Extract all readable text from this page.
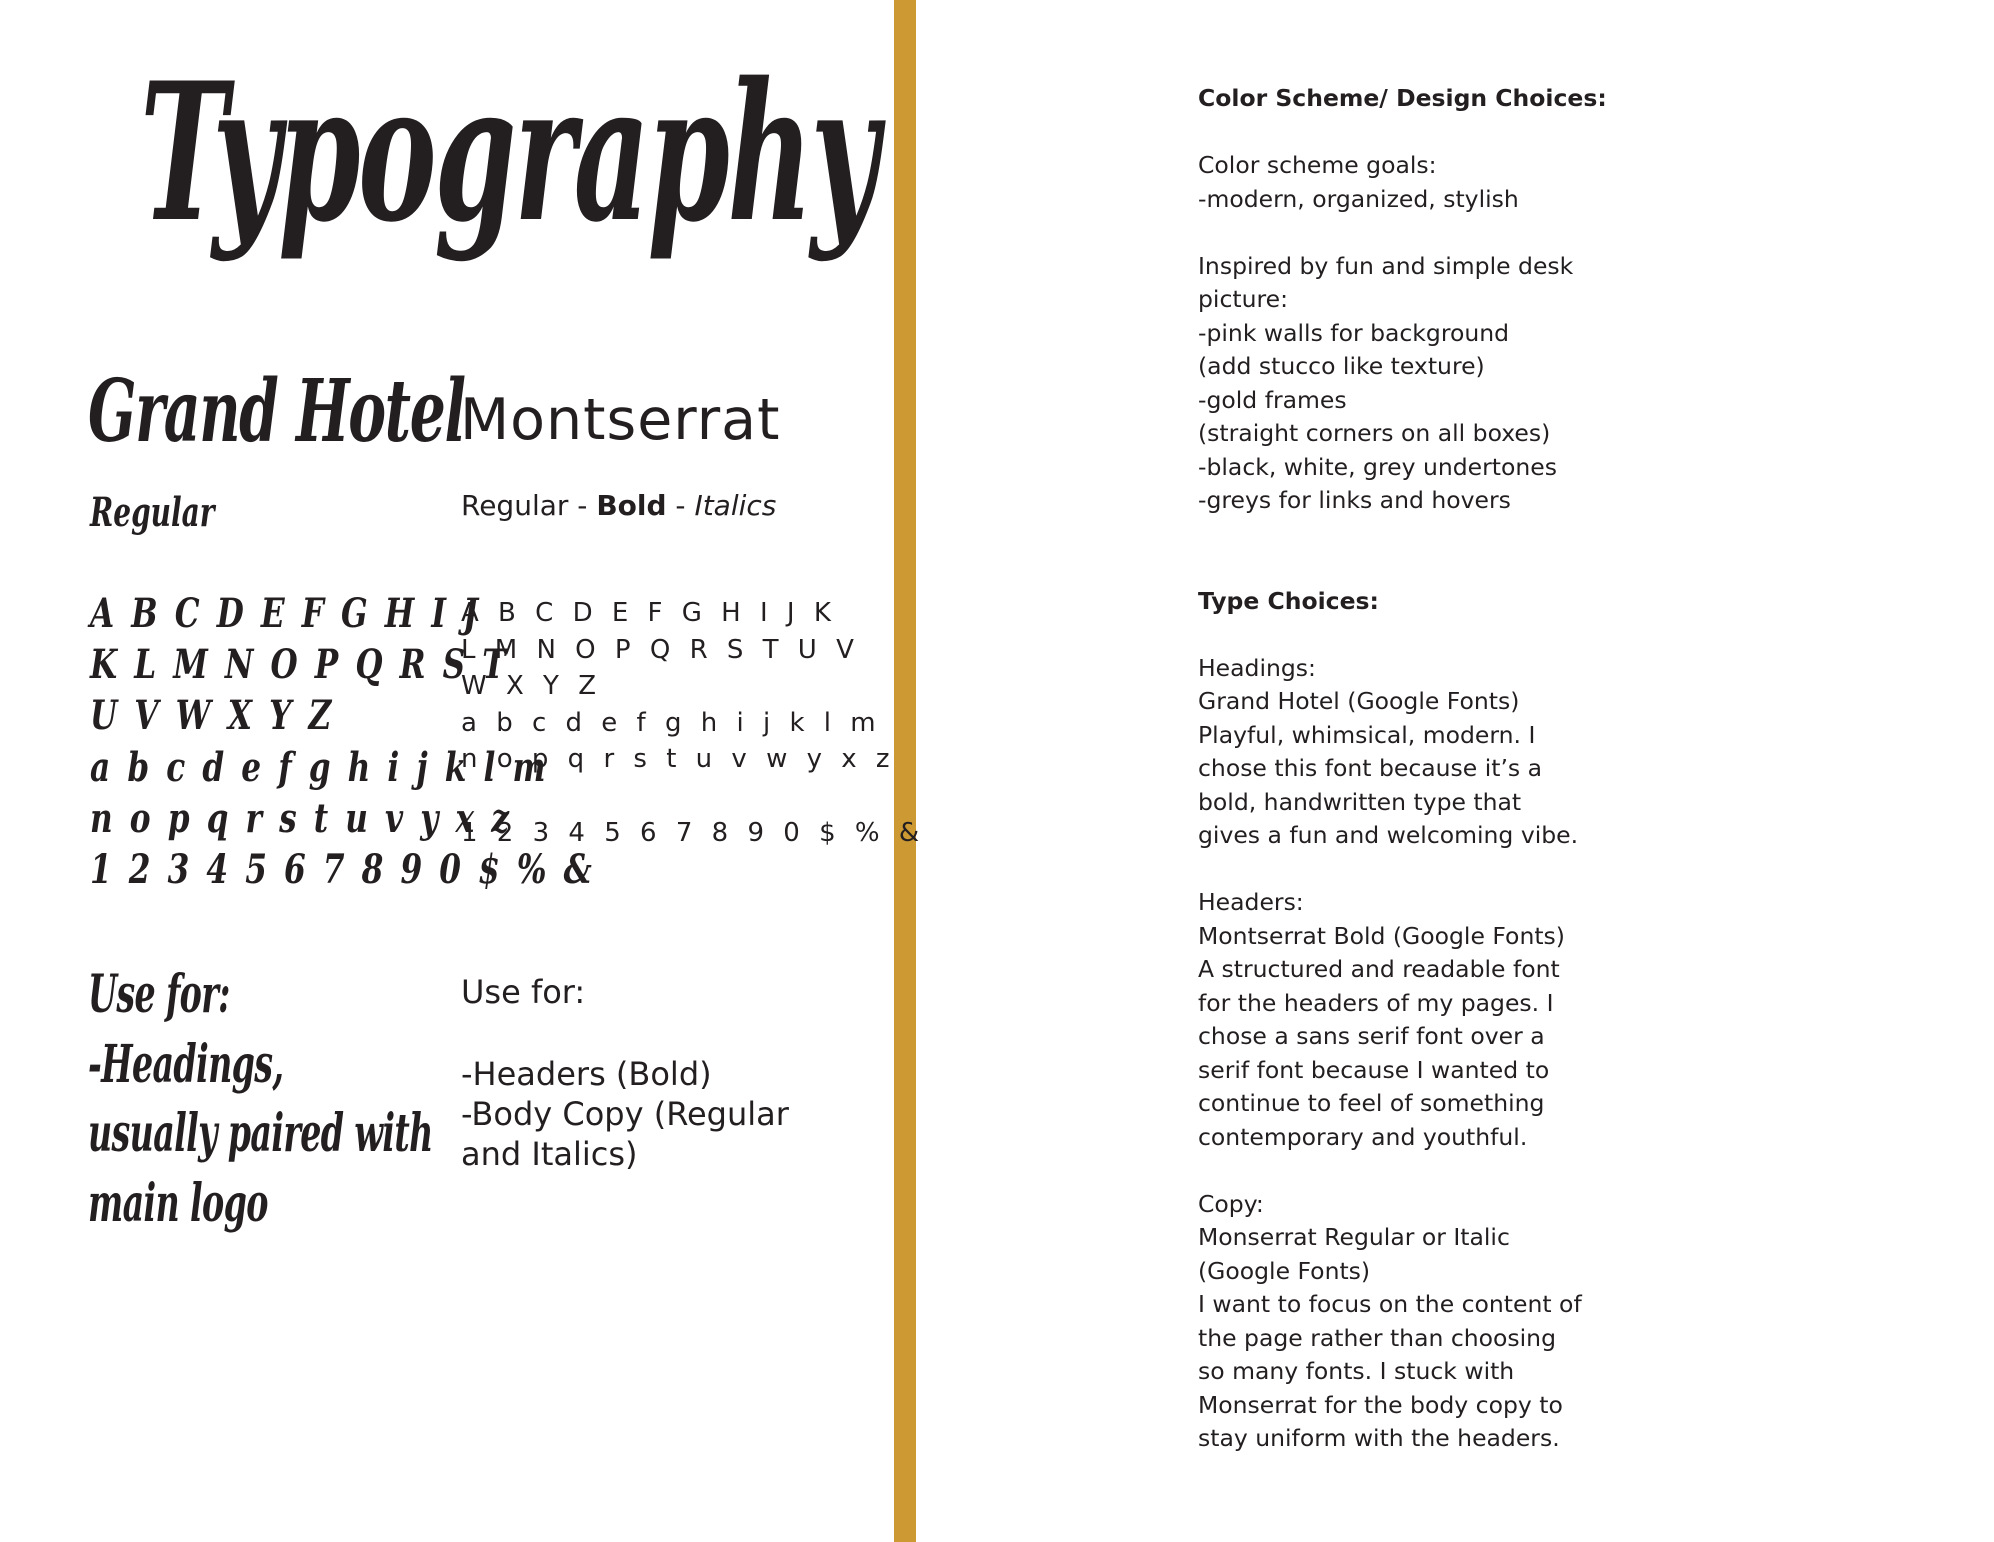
Typography
Grand Hotel
Regular
A B C D E F G H I J
K L M N O P Q R S T
U V W X Y Z
a b c d e f g h i j k l m
n o p q r s t u v y x z
1 2 3 4 5 6 7 8 9 0 $ % &
Use for:
-Headings,
usually paired with
main logo
Montserrat
Regular - Bold - Italics
A B C D E F G H I J K
L M N O P Q R S T U V
W X Y Z
a b c d e f g h i j k l m
n o p q r s t u v w y x z
1 2 3 4 5 6 7 8 9 0 $ % &
Use for:
-Headers (Bold)
-Body Copy (Regular
and Italics)
Color Scheme/ Design Choices:
Color scheme goals:
-modern, organized, stylish
Inspired by fun and simple desk
picture:
-pink walls for background
(add stucco like texture)
-gold frames
(straight corners on all boxes)
-black, white, grey undertones
-greys for links and hovers
Type Choices:
Headings:
Grand Hotel (Google Fonts)
Playful, whimsical, modern. I
chose this font because it’s a
bold, handwritten type that
gives a fun and welcoming vibe.
Headers:
Montserrat Bold (Google Fonts)
A structured and readable font
for the headers of my pages. I
chose a sans serif font over a
serif font because I wanted to
continue to feel of something
contemporary and youthful.
Copy:
Monserrat Regular or Italic
(Google Fonts)
I want to focus on the content of
the page rather than choosing
so many fonts. I stuck with
Monserrat for the body copy to
stay uniform with the headers.
